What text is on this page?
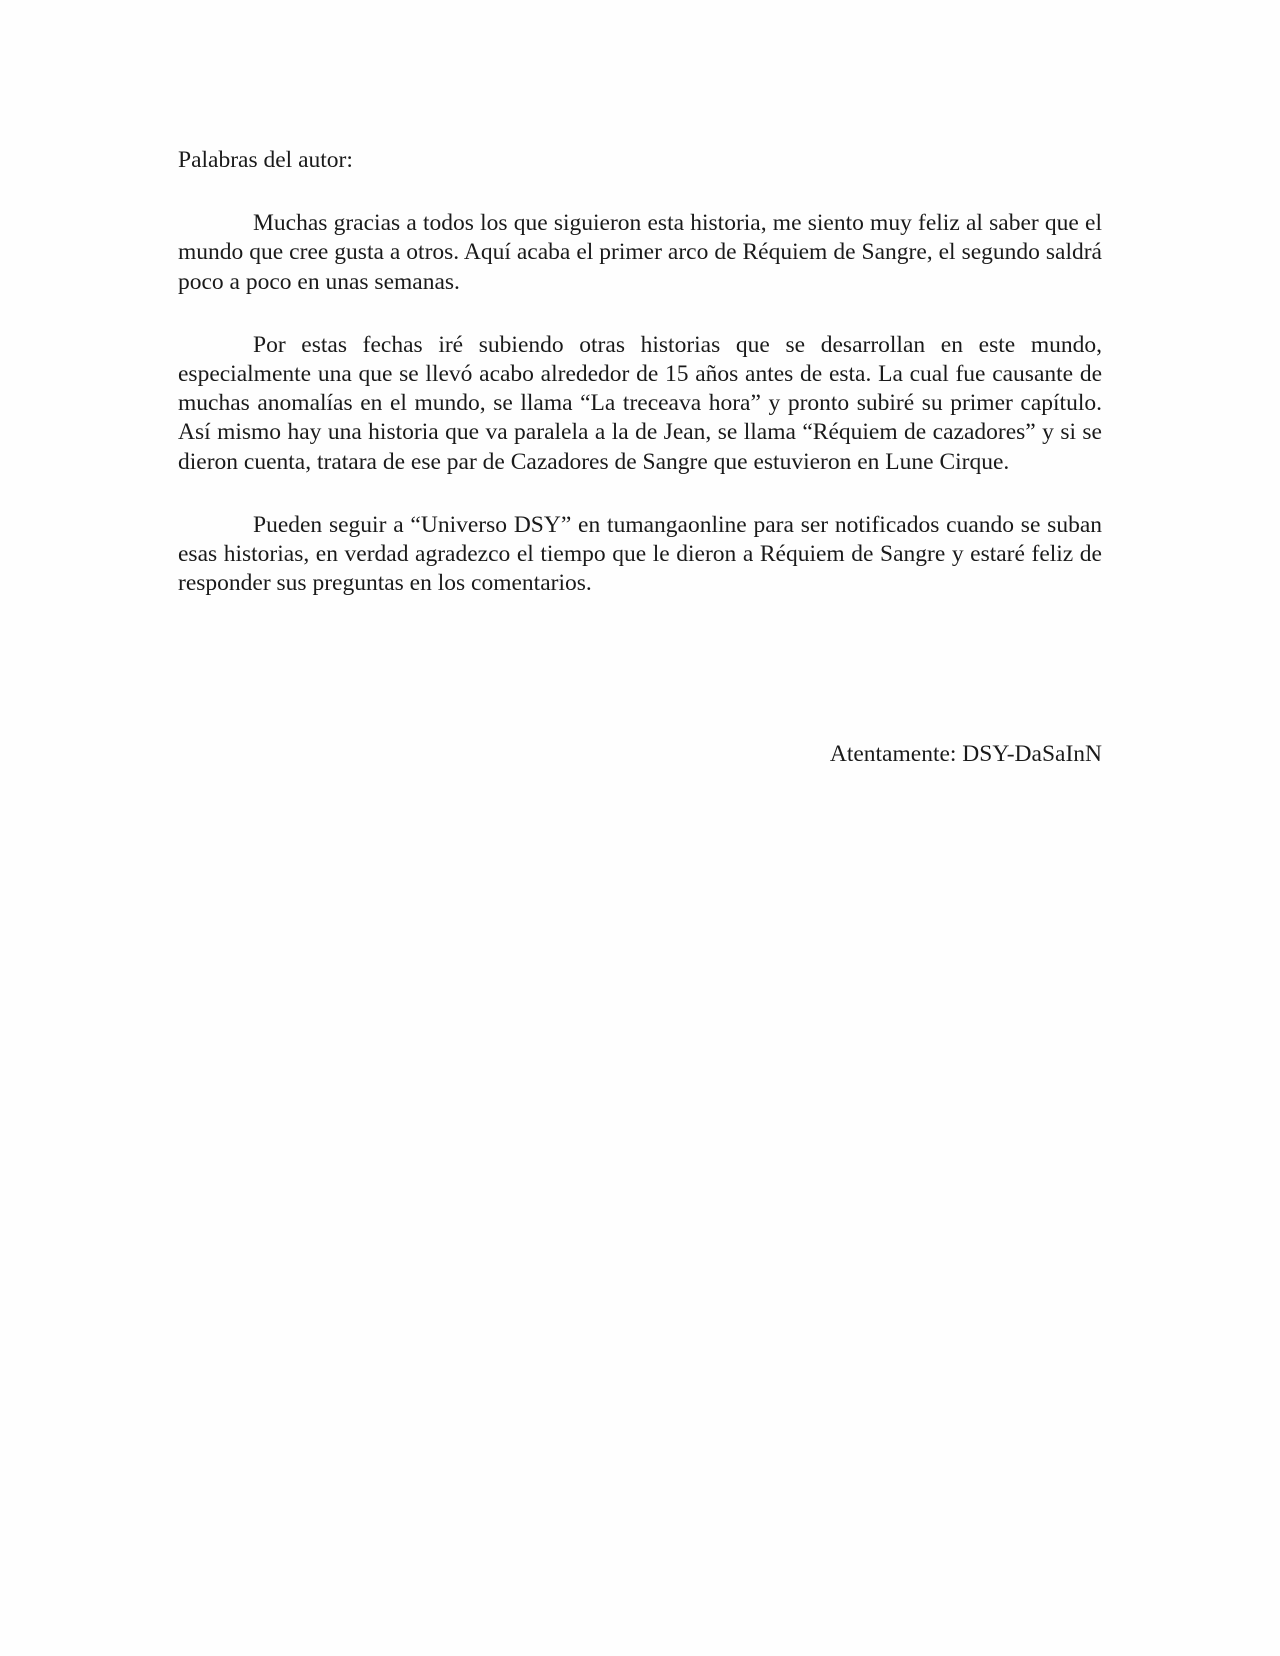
Palabras del autor:

Muchas gracias a todos los que siguieron esta historia, me siento muy feliz al saber que el mundo que cree gusta a otros. Aquí acaba el primer arco de Réquiem de Sangre, el segundo saldrá poco a poco en unas semanas.

Por estas fechas iré subiendo otras historias que se desarrollan en este mundo, especialmente una que se llevó acabo alrededor de 15 años antes de esta. La cual fue causante de muchas anomalías en el mundo, se llama “La treceava hora” y pronto subiré su primer capítulo. Así mismo hay una historia que va paralela a la de Jean, se llama “Réquiem de cazadores” y si se dieron cuenta, tratara de ese par de Cazadores de Sangre que estuvieron en Lune Cirque.

Pueden seguir a “Universo DSY” en tumangaonline para ser notificados cuando se suban esas historias, en verdad agradezco el tiempo que le dieron a Réquiem de Sangre y estaré feliz de responder sus preguntas en los comentarios.

Atentamente: DSY-DaSaInN
